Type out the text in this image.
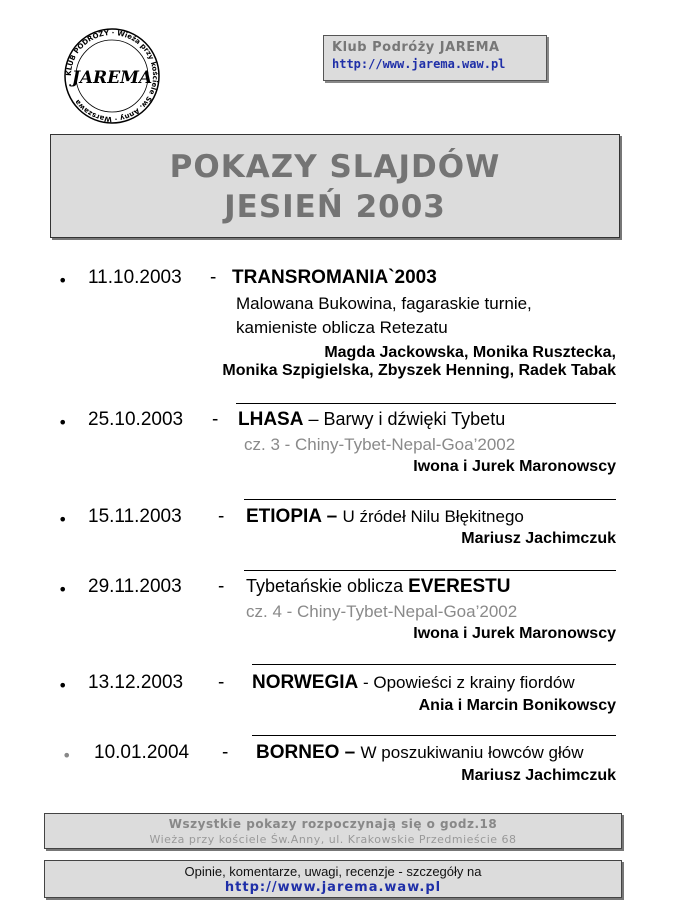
KLUB PODRÓŻY · Wieża przy kościele Św. Anny · Warszawa
JAREMA
Klub Podróży JAREMA
http://www.jarema.waw.pl
POKAZY SLAJDÓW
JESIEŃ 2003
• 11.10.2003 - TRANSROMANIA`2003
Malowana Bukowina, fagaraskie turnie,
kamieniste oblicza Retezatu
Magda Jackowska, Monika Rusztecka,
Monika Szpigielska, Zbyszek Henning, Radek Tabak
• 25.10.2003 - LHASA – Barwy i dźwięki Tybetu
cz. 3 - Chiny-Tybet-Nepal-Goa’2002
Iwona i Jurek Maronowscy
• 15.11.2003 - ETIOPIA – U źródeł Nilu Błękitnego
Mariusz Jachimczuk
• 29.11.2003 - Tybetańskie oblicza EVERESTU
cz. 4 - Chiny-Tybet-Nepal-Goa’2002
Iwona i Jurek Maronowscy
• 13.12.2003 - NORWEGIA - Opowieści z krainy fiordów
Ania i Marcin Bonikowscy
• 10.01.2004 - BORNEO – W poszukiwaniu łowców głów
Mariusz Jachimczuk
Wszystkie pokazy rozpoczynają się o godz.18
Wieża przy kościele Św.Anny, ul. Krakowskie Przedmieście 68
Opinie, komentarze, uwagi, recenzje - szczegóły na
http://www.jarema.waw.pl
